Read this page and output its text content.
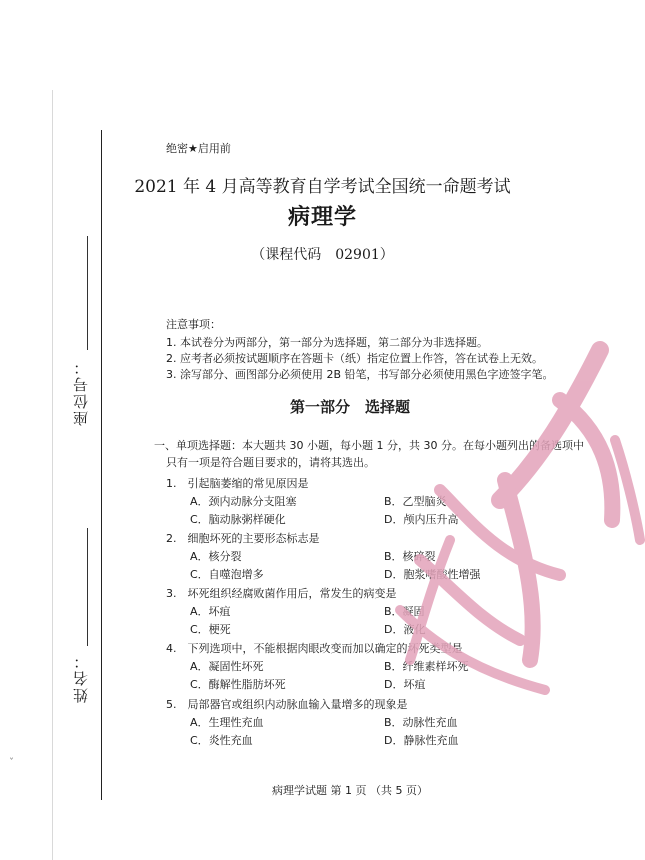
座位号：
姓名：
ˇ
绝密★启用前
2021 年 4 月高等教育自学考试全国统一命题考试
病理学
（课程代码　02901）
注意事项：
1. 本试卷分为两部分，第一部分为选择题，第二部分为非选择题。
2. 应考者必须按试题顺序在答题卡（纸）指定位置上作答，答在试卷上无效。
3. 涂写部分、画图部分必须使用 2B 铅笔，书写部分必须使用黑色字迹签字笔。
第一部分　选择题
一、单项选择题：本大题共 30 小题，每小题 1 分，共 30 分。在每小题列出的备选项中
只有一项是符合题目要求的，请将其选出。
1.　引起脑萎缩的常见原因是
A．颈内动脉分支阻塞	B．乙型脑炎
C．脑动脉粥样硬化	D．颅内压升高
2.　细胞坏死的主要形态标志是
A．核分裂	B．核碎裂
C．自噬泡增多	D．胞浆嗜酸性增强
3.　坏死组织经腐败菌作用后，常发生的病变是
A．坏疽	B．凝固
C．梗死	D．液化
4.　下列选项中，不能根据肉眼改变而加以确定的坏死类型是
A．凝固性坏死	B．纤维素样坏死
C．酶解性脂肪坏死	D．坏疽
5.　局部器官或组织内动脉血输入量增多的现象是
A．生理性充血	B．动脉性充血
C．炎性充血	D．静脉性充血
病理学试题 第 1 页 （共 5 页）
